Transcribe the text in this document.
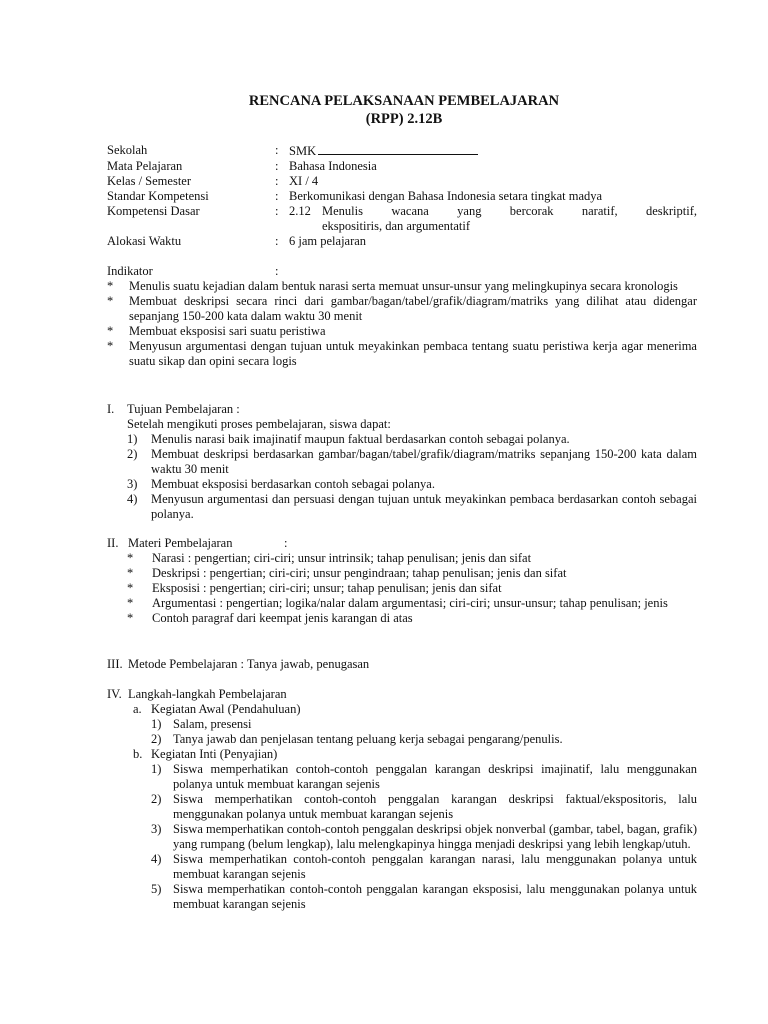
RENCANA PELAKSANAAN PEMBELAJARAN
(RPP) 2.12B
Sekolah	: SMK
Mata Pelajaran	: Bahasa Indonesia
Kelas / Semester	: XI / 4
Standar Kompetensi	: Berkomunikasi dengan Bahasa Indonesia setara tingkat madya
Kompetensi Dasar	: 2.12 Menulis wacana yang bercorak naratif, deskriptif,
ekspositiris, dan argumentatif
Alokasi Waktu	: 6 jam pelajaran
Indikator	:
*	Menulis suatu kejadian dalam bentuk narasi serta memuat unsur-unsur yang melingkupinya secara kronologis
*	Membuat deskripsi secara rinci dari gambar/bagan/tabel/grafik/diagram/matriks yang dilihat atau didengar sepanjang 150-200 kata dalam waktu 30 menit
*	Membuat eksposisi sari suatu peristiwa
*	Menyusun argumentasi dengan tujuan untuk meyakinkan pembaca tentang suatu peristiwa kerja agar menerima suatu sikap dan opini secara logis
I.	Tujuan Pembelajaran :
Setelah mengikuti proses pembelajaran, siswa dapat:
1)	Menulis narasi baik imajinatif maupun faktual berdasarkan contoh sebagai polanya.
2)	Membuat deskripsi berdasarkan gambar/bagan/tabel/grafik/diagram/matriks sepanjang 150-200 kata dalam waktu 30 menit
3)	Membuat eksposisi berdasarkan contoh sebagai polanya.
4)	Menyusun argumentasi dan persuasi dengan tujuan untuk meyakinkan pembaca berdasarkan contoh sebagai polanya.
II. Materi Pembelajaran	:
*	Narasi : pengertian; ciri-ciri; unsur intrinsik; tahap penulisan; jenis dan sifat
*	Deskripsi : pengertian; ciri-ciri; unsur pengindraan; tahap penulisan; jenis dan sifat
*	Eksposisi : pengertian; ciri-ciri; unsur; tahap penulisan; jenis dan sifat
*	Argumentasi : pengertian; logika/nalar dalam argumentasi; ciri-ciri; unsur-unsur; tahap penulisan; jenis
*	Contoh paragraf dari keempat jenis karangan di atas
III. Metode Pembelajaran : Tanya jawab, penugasan
IV. Langkah-langkah Pembelajaran
a. Kegiatan Awal (Pendahuluan)
1) Salam, presensi
2) Tanya jawab dan penjelasan tentang peluang kerja sebagai pengarang/penulis.
b. Kegiatan Inti (Penyajian)
1) Siswa memperhatikan contoh-contoh penggalan karangan deskripsi imajinatif, lalu menggunakan polanya untuk membuat karangan sejenis
2) Siswa memperhatikan contoh-contoh penggalan karangan deskripsi faktual/ekspositoris, lalu menggunakan polanya untuk membuat karangan sejenis
3) Siswa memperhatikan contoh-contoh penggalan deskripsi objek nonverbal (gambar, tabel, bagan, grafik) yang rumpang (belum lengkap), lalu melengkapinya hingga menjadi deskripsi yang lebih lengkap/utuh.
4) Siswa memperhatikan contoh-contoh penggalan karangan narasi, lalu menggunakan polanya untuk membuat karangan sejenis
5) Siswa memperhatikan contoh-contoh penggalan karangan eksposisi, lalu menggunakan polanya untuk membuat karangan sejenis
